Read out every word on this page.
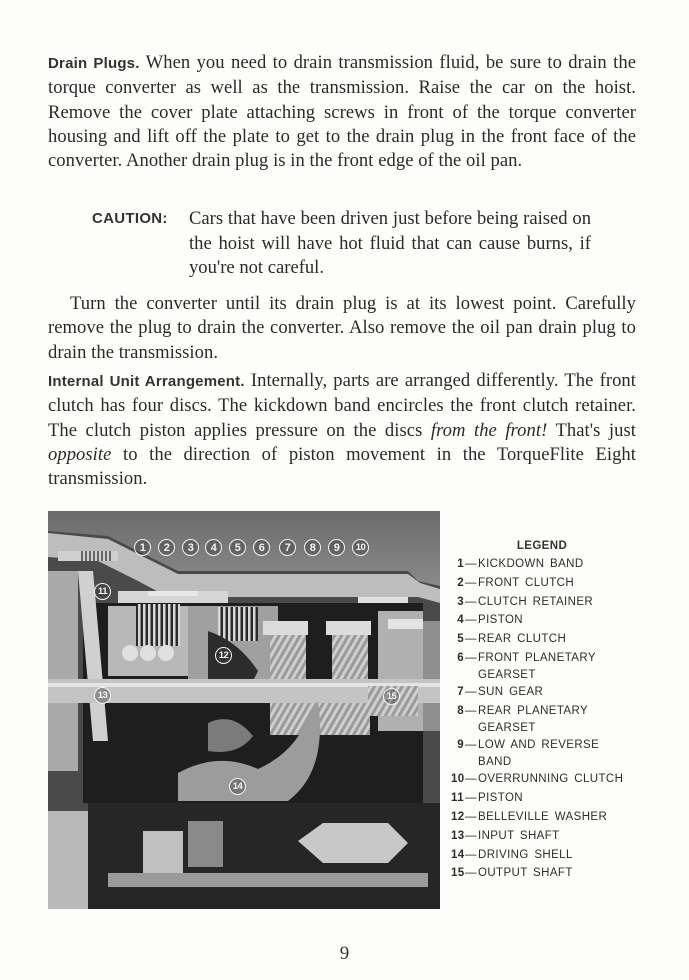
Drain Plugs. When you need to drain transmission fluid, be sure to drain the torque converter as well as the transmission. Raise the car on the hoist. Remove the cover plate attaching screws in front of the torque converter housing and lift off the plate to get to the drain plug in the front face of the converter. Another drain plug is in the front edge of the oil pan.
CAUTION: Cars that have been driven just before being raised on the hoist will have hot fluid that can cause burns, if you're not careful.
Turn the converter until its drain plug is at its lowest point. Carefully remove the plug to drain the converter. Also remove the oil pan drain plug to drain the transmission.
Internal Unit Arrangement. Internally, parts are arranged differently. The front clutch has four discs. The kickdown band encircles the front clutch retainer. The clutch piston applies pressure on the discs from the front! That's just opposite to the direction of piston movement in the TorqueFlite Eight transmission.
1	2	3	4	5	6	7	8	9	10
11
12
13	15
14
LEGEND
1 — KICKDOWN BAND
2 — FRONT CLUTCH
3 — CLUTCH RETAINER
4 — PISTON
5 — REAR CLUTCH
6 — FRONT PLANETARY
GEARSET
7 — SUN GEAR
8 — REAR PLANETARY
GEARSET
9 — LOW AND REVERSE
BAND
10 — OVERRUNNING CLUTCH
11 — PISTON
12 — BELLEVILLE WASHER
13 — INPUT SHAFT
14 — DRIVING SHELL
15 — OUTPUT SHAFT
9
